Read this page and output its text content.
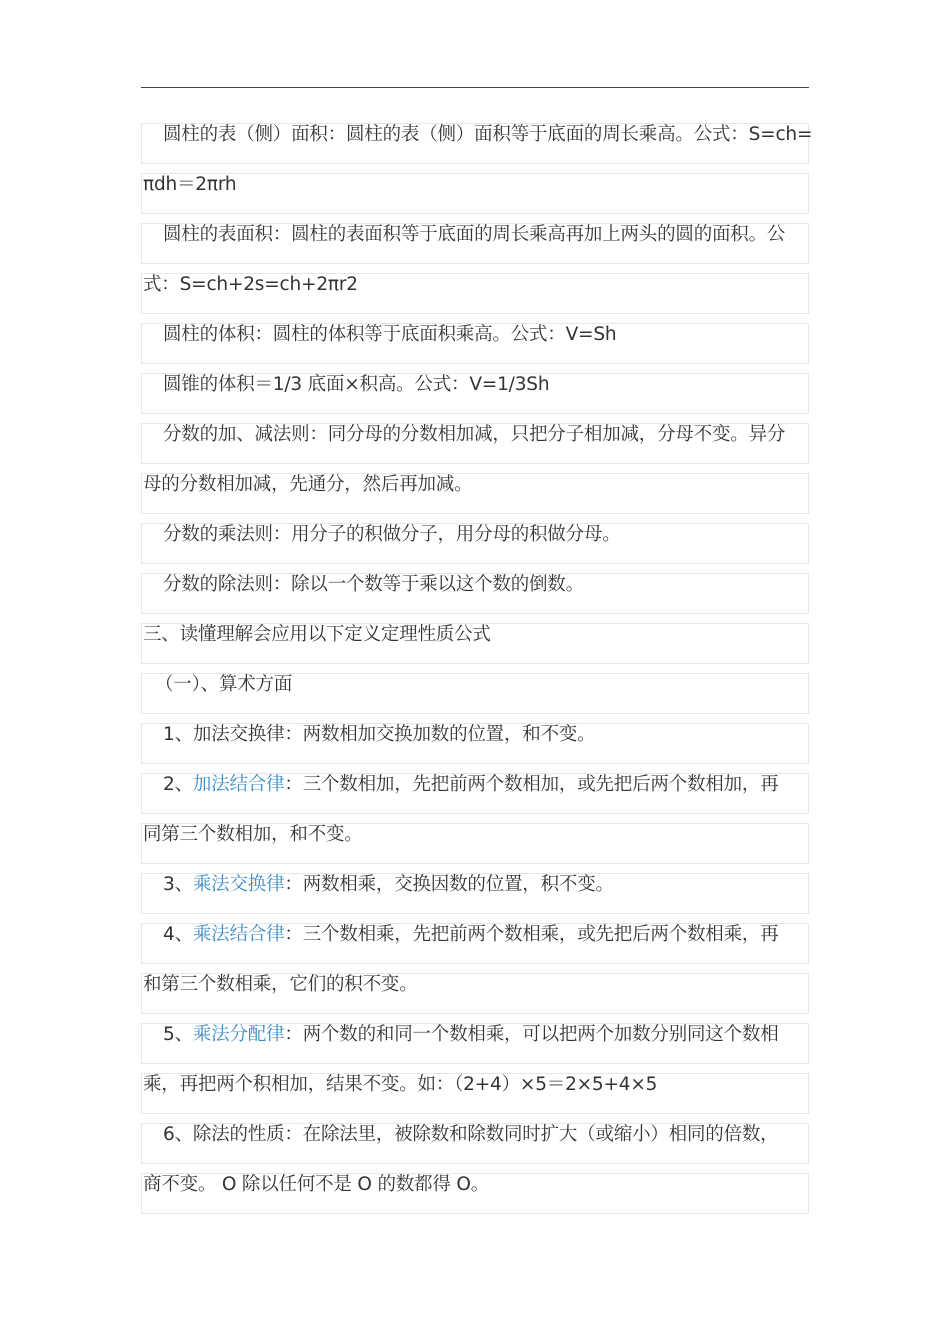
圆柱的表（侧）面积：圆柱的表（侧）面积等于底面的周长乘高。公式：S=ch=
πdh＝2πrh
圆柱的表面积：圆柱的表面积等于底面的周长乘高再加上两头的圆的面积。公
式：S=ch+2s=ch+2πr2
圆柱的体积：圆柱的体积等于底面积乘高。公式：V=Sh
圆锥的体积＝1/3 底面×积高。公式：V=1/3Sh
分数的加、减法则：同分母的分数相加减，只把分子相加减，分母不变。异分
母的分数相加减，先通分，然后再加减。
分数的乘法则：用分子的积做分子，用分母的积做分母。
分数的除法则：除以一个数等于乘以这个数的倒数。
三、读懂理解会应用以下定义定理性质公式
（一）、算术方面
1、加法交换律：两数相加交换加数的位置，和不变。
2、加法结合律：三个数相加，先把前两个数相加，或先把后两个数相加，再
同第三个数相加，和不变。
3、乘法交换律：两数相乘，交换因数的位置，积不变。
4、乘法结合律：三个数相乘，先把前两个数相乘，或先把后两个数相乘，再
和第三个数相乘，它们的积不变。
5、乘法分配律：两个数的和同一个数相乘，可以把两个加数分别同这个数相
乘，再把两个积相加，结果不变。如：（2+4）×5＝2×5+4×5
6、除法的性质：在除法里，被除数和除数同时扩大（或缩小）相同的倍数，
商不变。 O 除以任何不是 O 的数都得 O。
